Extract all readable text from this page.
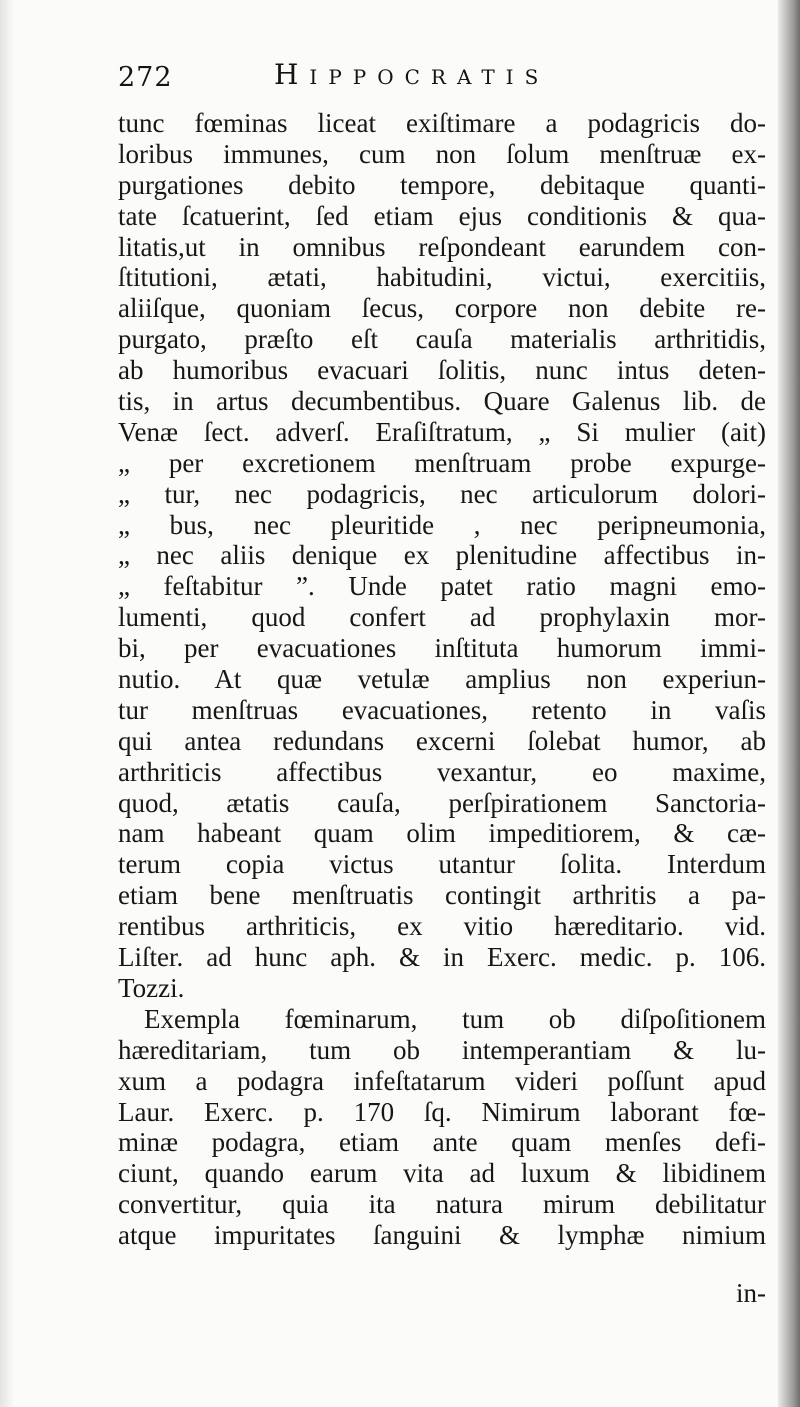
272	Hippocratis
tunc fœminas liceat exiſtimare a podagricis do-
loribus immunes, cum non ſolum menſtruæ ex-
purgationes debito tempore, debitaque quanti-
tate ſcatuerint, ſed etiam ejus conditionis & qua-
litatis,ut in omnibus reſpondeant earundem con-
ſtitutioni, ætati, habitudini, victui, exercitiis,
aliiſque, quoniam ſecus, corpore non debite re-
purgato, præſto eſt cauſa materialis arthritidis,
ab humoribus evacuari ſolitis, nunc intus deten-
tis, in artus decumbentibus. Quare Galenus lib. de
Venæ ſect. adverſ. Eraſiſtratum, „ Si mulier (ait)
„ per excretionem menſtruam probe expurge-
„ tur, nec podagricis, nec articulorum dolori-
„ bus, nec pleuritide , nec peripneumonia,
„ nec aliis denique ex plenitudine affectibus in-
„ feſtabitur ”. Unde patet ratio magni emo-
lumenti, quod confert ad prophylaxin mor-
bi, per evacuationes inſtituta humorum immi-
nutio. At quæ vetulæ amplius non experiun-
tur menſtruas evacuationes, retento in vaſis
qui antea redundans excerni ſolebat humor, ab
arthriticis affectibus vexantur, eo maxime,
quod, ætatis cauſa, perſpirationem Sanctoria-
nam habeant quam olim impeditiorem, & cæ-
terum copia victus utantur ſolita. Interdum
etiam bene menſtruatis contingit arthritis a pa-
rentibus arthriticis, ex vitio hæreditario. vid.
Liſter. ad hunc aph. & in Exerc. medic. p. 106.
Tozzi.
Exempla fœminarum, tum ob diſpoſitionem
hæreditariam, tum ob intemperantiam & lu-
xum a podagra infeſtatarum videri poſſunt apud
Laur. Exerc. p. 170 ſq. Nimirum laborant fœ-
minæ podagra, etiam ante quam menſes defi-
ciunt, quando earum vita ad luxum & libidinem
convertitur, quia ita natura mirum debilitatur
atque impuritates ſanguini & lymphæ nimium
in-
